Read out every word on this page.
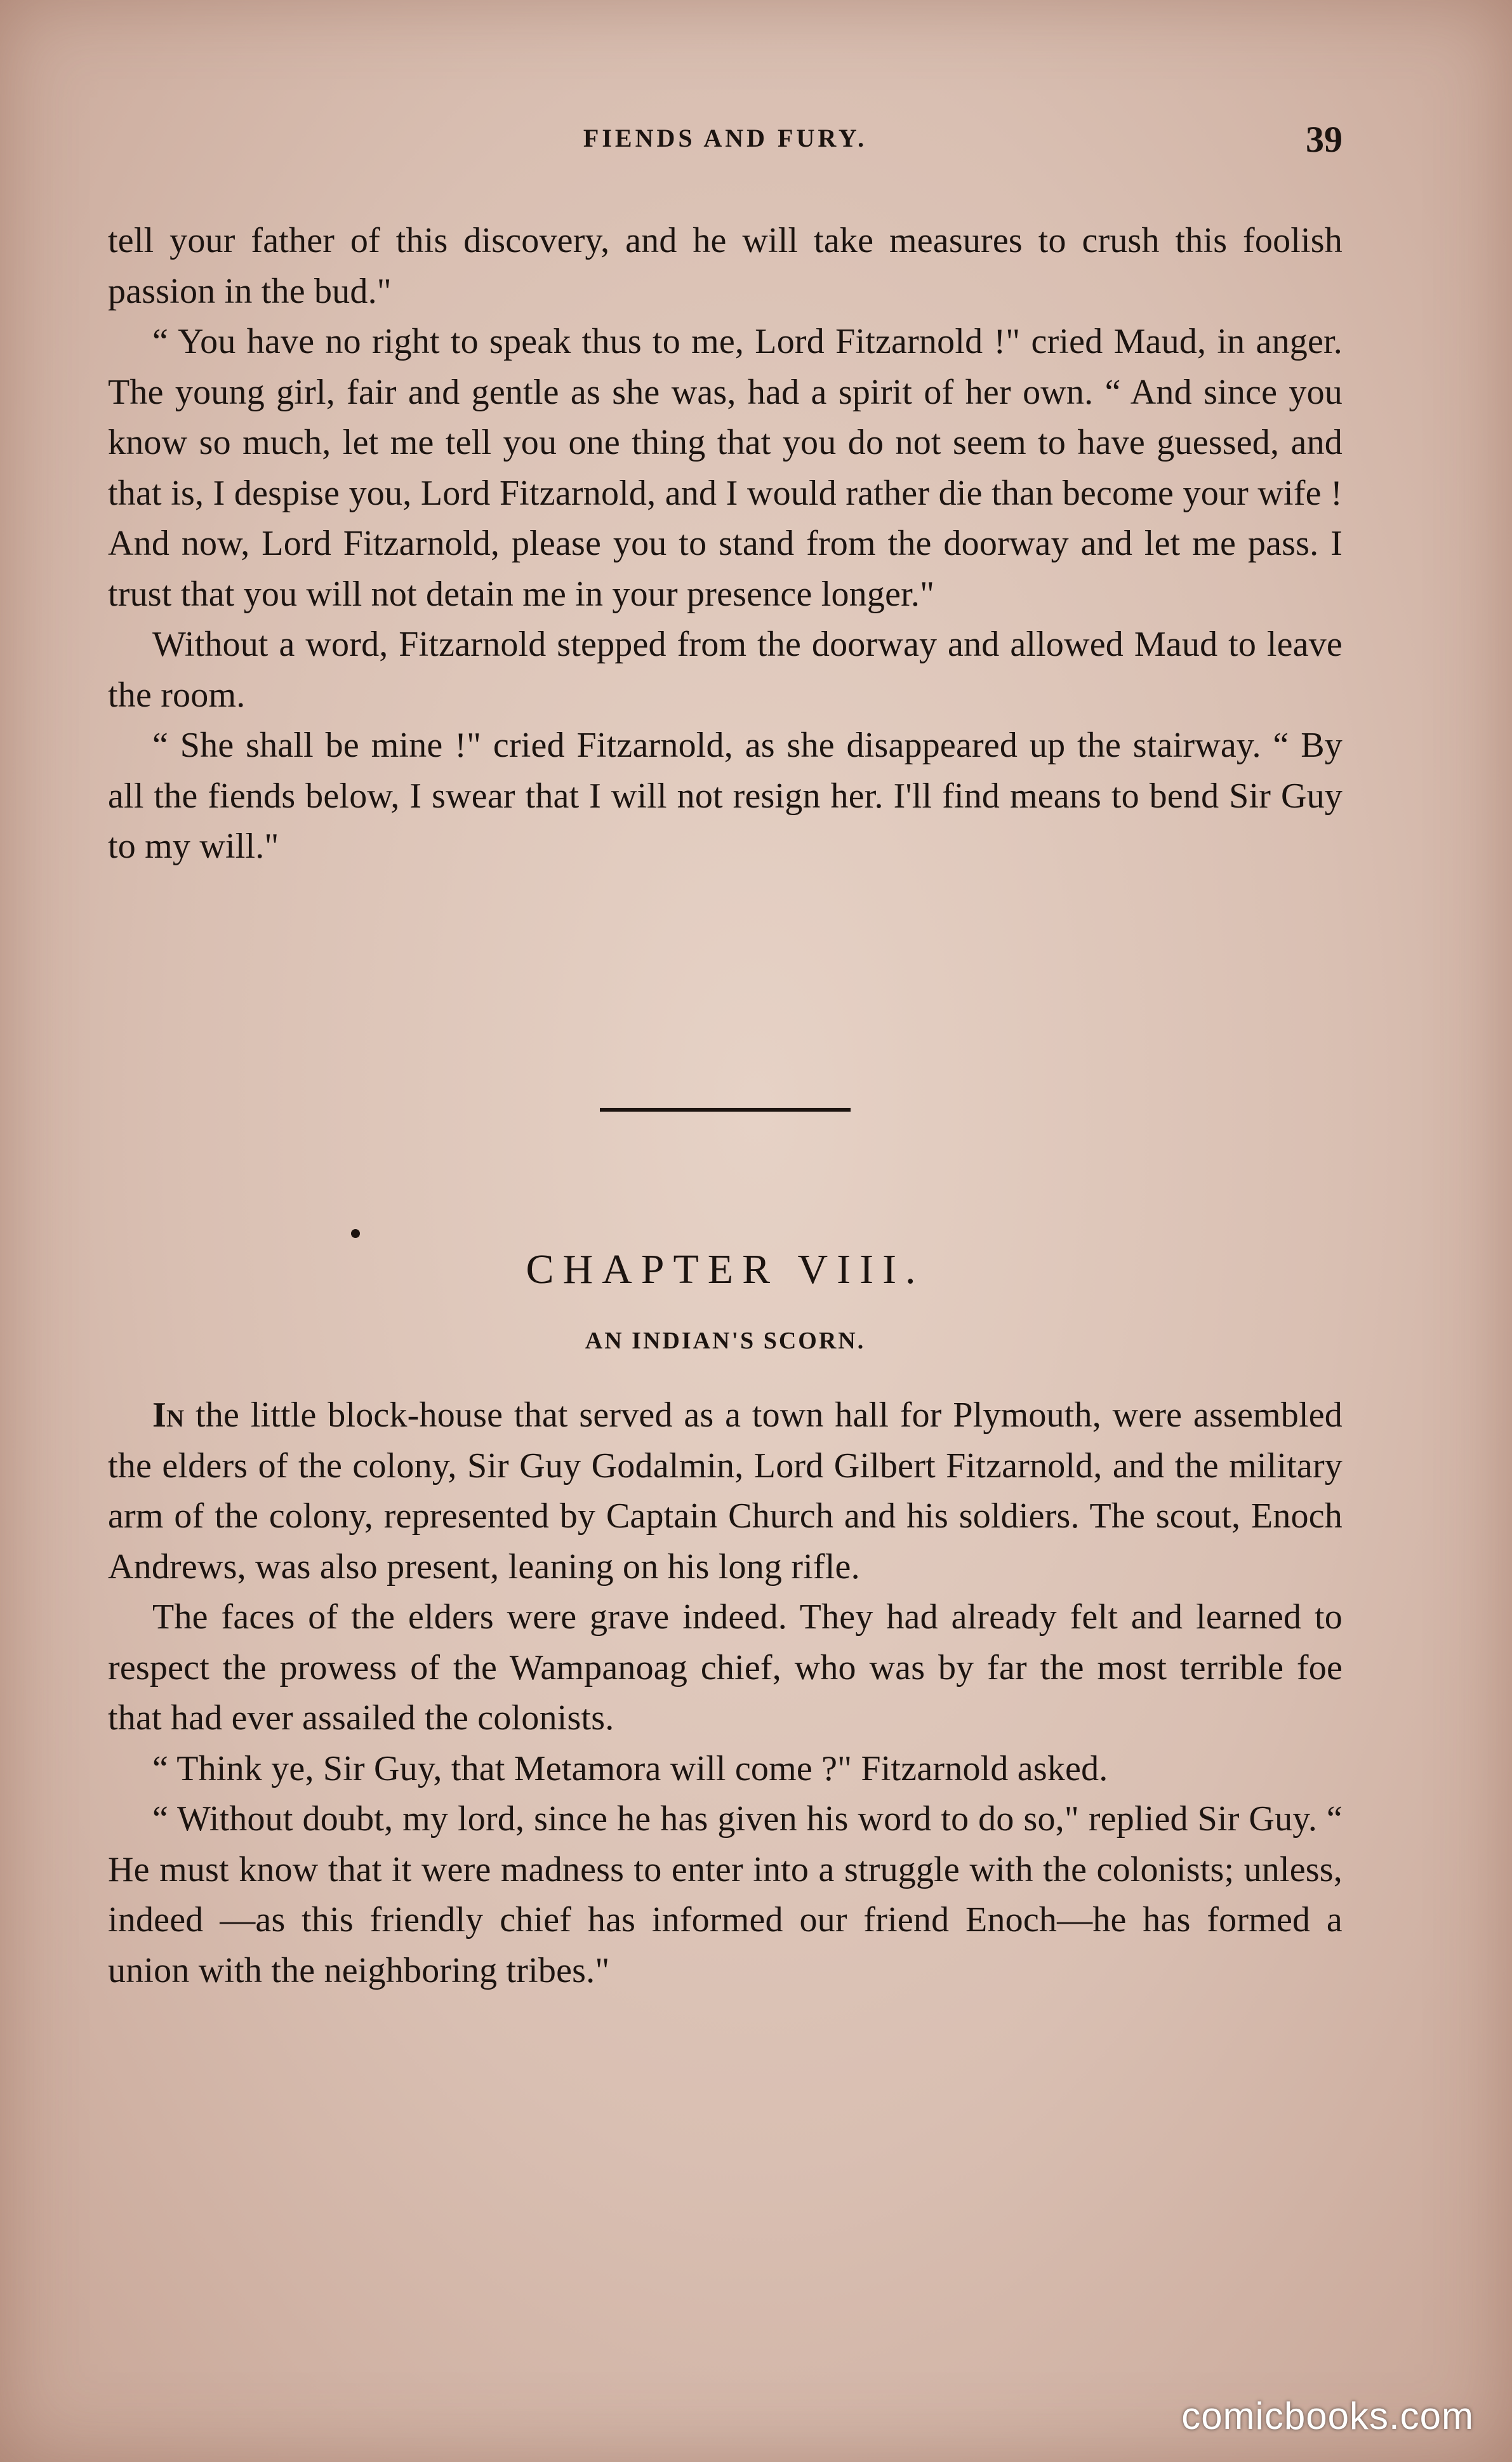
FIENDS AND FURY.	39

tell your father of this discovery, and he will take measures to crush this foolish passion in the bud."

“ You have no right to speak thus to me, Lord Fitzarnold !" cried Maud, in anger. The young girl, fair and gentle as she was, had a spirit of her own. “ And since you know so much, let me tell you one thing that you do not seem to have guessed, and that is, I despise you, Lord Fitzarnold, and I would rather die than become your wife ! And now, Lord Fitzarnold, please you to stand from the doorway and let me pass. I trust that you will not detain me in your presence longer."

Without a word, Fitzarnold stepped from the doorway and allowed Maud to leave the room.

“ She shall be mine !" cried Fitzarnold, as she disappeared up the stairway. “ By all the fiends below, I swear that I will not resign her. I'll find means to bend Sir Guy to my will."

CHAPTER VIII.
AN INDIAN'S SCORN.

In the little block-house that served as a town hall for Plymouth, were assembled the elders of the colony, Sir Guy Godalmin, Lord Gilbert Fitzarnold, and the military arm of the colony, represented by Captain Church and his soldiers. The scout, Enoch Andrews, was also present, leaning on his long rifle.

The faces of the elders were grave indeed. They had already felt and learned to respect the prowess of the Wampanoag chief, who was by far the most terrible foe that had ever assailed the colonists.

“ Think ye, Sir Guy, that Metamora will come ?" Fitzarnold asked.

“ Without doubt, my lord, since he has given his word to do so," replied Sir Guy. “ He must know that it were madness to enter into a struggle with the colonists; unless, indeed —as this friendly chief has informed our friend Enoch—he has formed a union with the neighboring tribes."

comicbooks.com
